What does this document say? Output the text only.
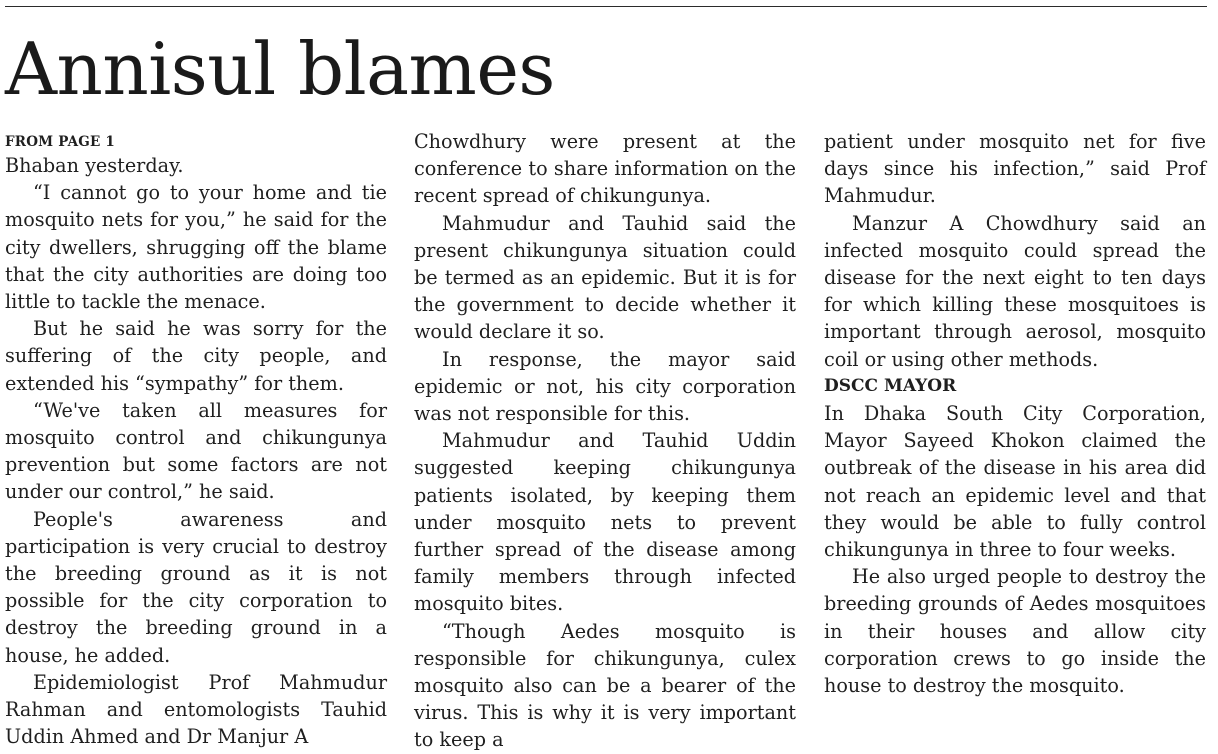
Annisul blames
FROM PAGE 1

Bhaban yesterday.

“I cannot go to your home and tie mosquito nets for you,” he said for the city dwellers, shrugging off the blame that the city authorities are doing too little to tackle the menace.

But he said he was sorry for the suffering of the city people, and extended his “sympathy” for them.

“We've taken all measures for mosquito control and chikungunya prevention but some factors are not under our control,” he said.

People's awareness and participation is very crucial to destroy the breeding ground as it is not possible for the city corporation to destroy the breeding ground in a house, he added.

Epidemiologist Prof Mahmudur Rahman and entomologists Tauhid Uddin Ahmed and Dr Manjur A

Chowdhury were present at the conference to share information on the recent spread of chikungunya.

Mahmudur and Tauhid said the present chikungunya situation could be termed as an epidemic. But it is for the government to decide whether it would declare it so.

In response, the mayor said epidemic or not, his city corporation was not responsible for this.

Mahmudur and Tauhid Uddin suggested keeping chikungunya patients isolated, by keeping them under mosquito nets to prevent further spread of the disease among family members through infected mosquito bites.

“Though Aedes mosquito is responsible for chikungunya, culex mosquito also can be a bearer of the virus. This is why it is very important to keep a

patient under mosquito net for five days since his infection,” said Prof Mahmudur.

Manzur A Chowdhury said an infected mosquito could spread the disease for the next eight to ten days for which killing these mosquitoes is important through aerosol, mosquito coil or using other methods.

DSCC MAYOR

In Dhaka South City Corporation, Mayor Sayeed Khokon claimed the outbreak of the disease in his area did not reach an epidemic level and that they would be able to fully control chikungunya in three to four weeks.

He also urged people to destroy the breeding grounds of Aedes mosquitoes in their houses and allow city corporation crews to go inside the house to destroy the mosquito.
